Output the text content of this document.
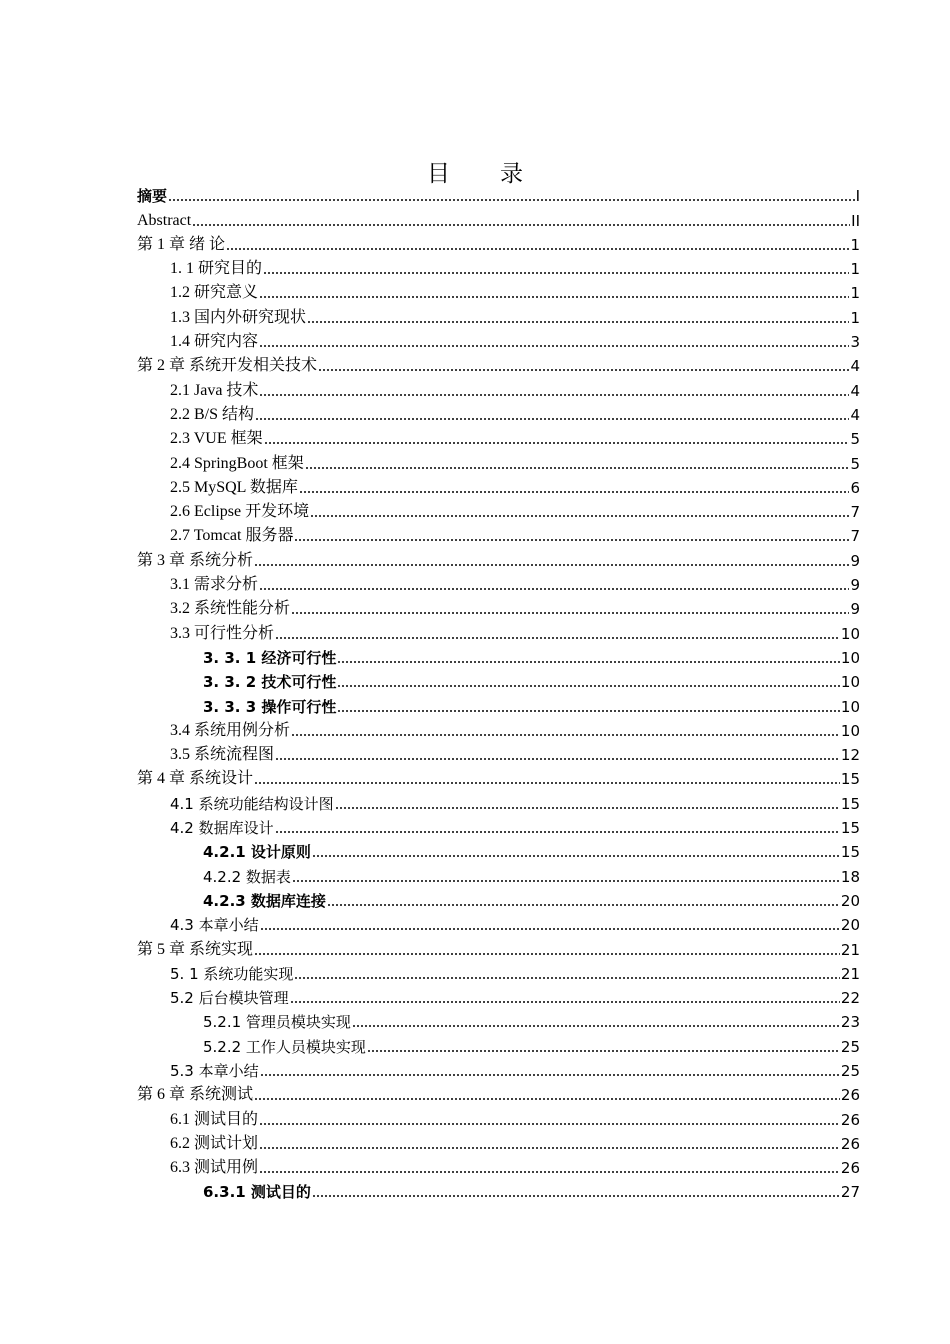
目 录
摘要	I
Abstract	II
第 1 章 绪 论	1
1. 1 研究目的	1
1.2 研究意义	1
1.3 国内外研究现状	1
1.4 研究内容	3
第 2 章 系统开发相关技术	4
2.1 Java 技术	4
2.2 B/S 结构	4
2.3 VUE 框架	5
2.4 SpringBoot 框架	5
2.5 MySQL 数据库	6
2.6 Eclipse 开发环境	7
2.7 Tomcat 服务器	7
第 3 章 系统分析	9
3.1 需求分析	9
3.2 系统性能分析	9
3.3 可行性分析	10
3. 3. 1 经济可行性	10
3. 3. 2 技术可行性	10
3. 3. 3 操作可行性	10
3.4 系统用例分析	10
3.5 系统流程图	12
第 4 章 系统设计	15
4.1 系统功能结构设计图	15
4.2 数据库设计	15
4.2.1 设计原则	15
4.2.2 数据表	18
4.2.3 数据库连接	20
4.3 本章小结	20
第 5 章 系统实现	21
5. 1 系统功能实现	21
5.2 后台模块管理	22
5.2.1 管理员模块实现	23
5.2.2 工作人员模块实现	25
5.3 本章小结	25
第 6 章 系统测试	26
6.1 测试目的	26
6.2 测试计划	26
6.3 测试用例	26
6.3.1 测试目的	27
